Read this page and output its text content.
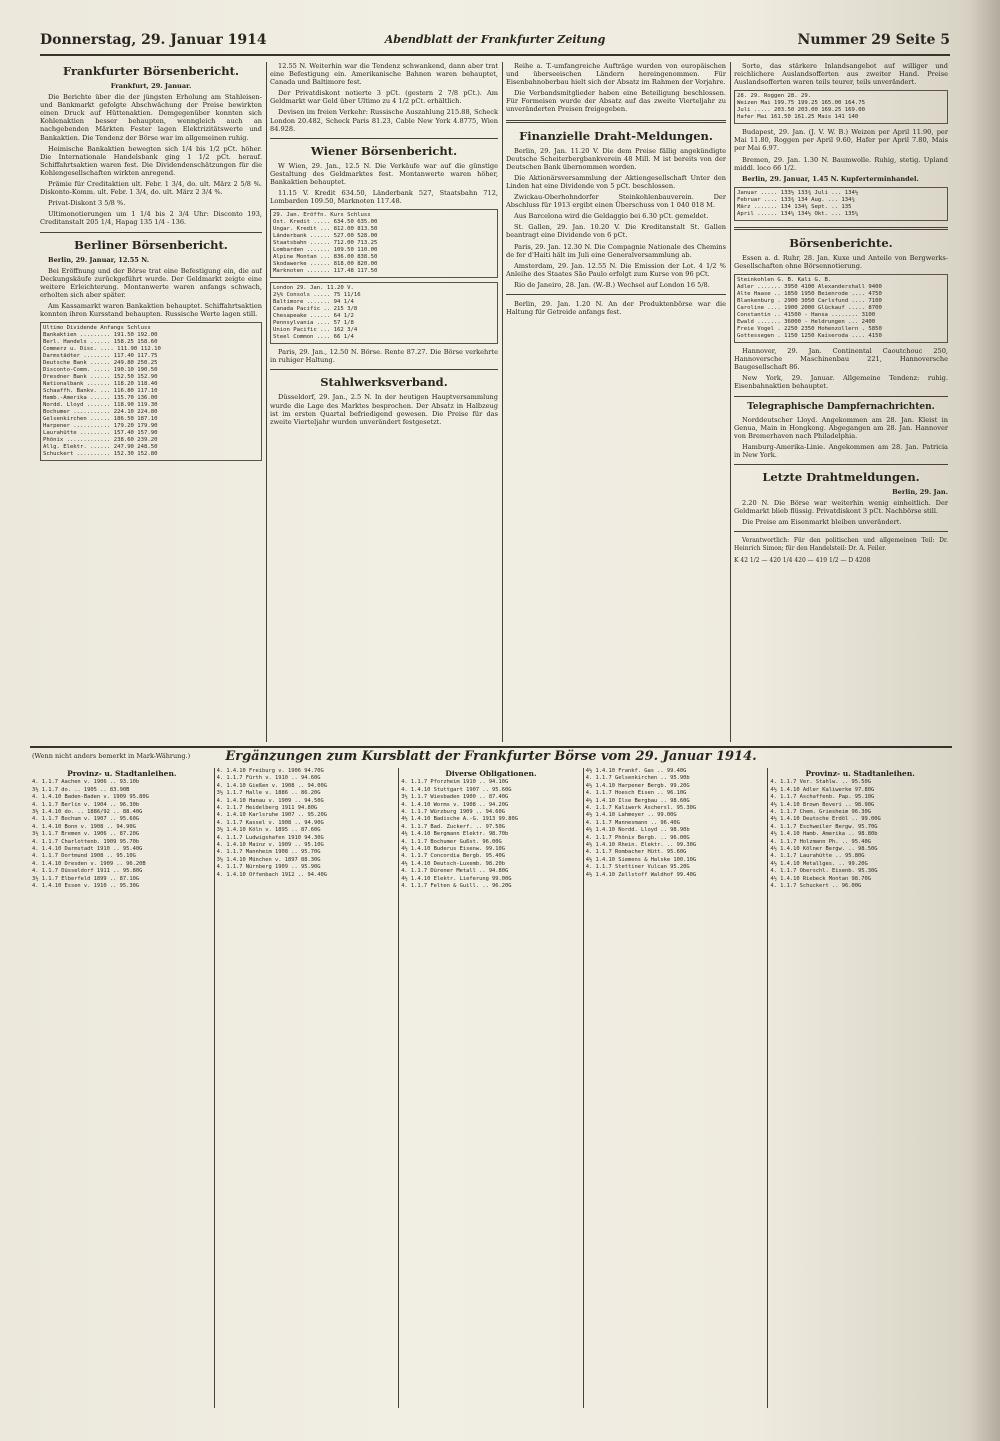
Donnerstag, 29. Januar 1914	Abendblatt der Frankfurter Zeitung	Nummer 29 Seite 5
Frankfurter Börsenbericht.

Frankfurt, 29. Januar.

Die Berichte über die der jüngsten Erholung am Stahleisen- und Bankmarkt gefolgte Abschwächung der Preise bewirkten einen Druck auf Hüttenaktien. Demgegenüber konnten sich Kohlenaktien besser behaupten, wenngleich auch an nachgebenden Märkten Fester lagen Elektrizitätswerte und Bankaktien. Die Tendenz der Börse war im allgemeinen ruhig.

Heimische Bankaktien bewegten sich 1/4 bis 1/2 pCt. höher. Die Internationale Handelsbank ging 1 1/2 pCt. herauf. Schiffahrtsaktien waren fest. Die Dividendenschätzungen für die Kohlengesellschaften wirkten anregend.

Prämie für Creditaktien ult. Febr. 1 3/4, do. ult. März 2 5/8 %. Diskonto-Komm. ult. Febr. 1 3/4, do. ult. März 2 3/4 %.

Privat-Diskont 3 5/8 %.

Ultimonotierungen um 1 1/4 bis 2 3/4 Uhr: Disconto 193, Creditanstalt 205 1/4, Hapag 135 1/4 - 136.

Berliner Börsenbericht.

Berlin, 29. Januar, 12.55 N.

Bei Eröffnung und der Börse trat eine Befestigung ein, die auf Deckungskäufe zurückgeführt wurde. Der Geldmarkt zeigte eine weitere Erleichterung. Montanwerte waren anfangs schwach, erholten sich aber später.

Am Kassamarkt waren Bankaktien behauptet. Schiffahrtsaktien konnten ihren Kursstand behaupten. Russische Werte lagen still.

Ultimo Dividende Anfangs Schluss
Bankaktien ......... 191.50 192.00
Berl. Handels ...... 158.25 158.60
Commerz u. Disc. .... 111.90 112.10
Darmstädter ........ 117.40 117.75
Deutsche Bank ...... 249.80 250.25
Disconto-Comm. ..... 190.10 190.50
Dresdner Bank ...... 152.50 152.90
Nationalbank ....... 118.20 118.40
Schaaffh. Bankv. ... 116.80 117.10
Hamb.-Amerika ...... 135.70 136.00
Nordd. Lloyd ....... 118.90 119.30
Bochumer ........... 224.10 224.80
Gelsenkirchen ...... 186.50 187.10
Harpener ........... 179.20 179.90
Laurahütte ......... 157.40 157.90
Phönix ............. 238.60 239.20
Allg. Elektr. ...... 247.90 248.50
Schuckert .......... 152.30 152.80

12.55 N. Weiterhin war die Tendenz schwankend, dann aber trat eine Befestigung ein. Amerikanische Bahnen waren behauptet, Canada und Baltimore fest.

Der Privatdiskont notierte 3 pCt. (gestern 2 7/8 pCt.). Am Geldmarkt war Geld über Ultimo zu 4 1/2 pCt. erhältlich.

Devisen im freien Verkehr: Russische Auszahlung 215.88, Scheck London 20.482, Scheck Paris 81.23, Cable New York 4.8775, Wien 84.928.

Wiener Börsenbericht.

W Wien, 29. Jan., 12.5 N. Die Verkäufe war auf die günstige Gestaltung des Geldmarktes fest. Montanwerte waren höher, Bankaktien behauptet.

11.15 V. Kredit 634.50, Länderbank 527, Staatsbahn 712, Lombarden 109.50, Marknoten 117.48.

29. Jan. Eröffn. Kurs Schluss
Öst. Kredit ..... 634.50 635.00
Ungar. Kredit ... 812.00 813.50
Länderbank ...... 527.00 528.00
Staatsbahn ...... 712.00 713.25
Lombarden ....... 109.50 110.00
Alpine Montan ... 836.00 838.50
Skodawerke ...... 818.00 820.00
Marknoten ....... 117.48 117.50
London 29. Jan. 11.20 V.
2½% Consols ..... 75 11/16
Baltimore ....... 94 1/4
Canada Pacific .. 215 3/8
Chesapeake ...... 64 1/2
Pennsylvania .... 57 1/8
Union Pacific ... 162 3/4
Steel Common .... 66 1/4

Paris, 29. Jan., 12.50 N. Börse. Rente 87.27. Die Börse verkehrte in ruhiger Haltung.

Stahlwerksverband.

Düsseldorf, 29. Jan., 2.5 N. In der heutigen Hauptversammlung wurde die Lage des Marktes besprochen. Der Absatz in Halbzeug ist im ersten Quartal befriedigend gewesen. Die Preise für das zweite Vierteljahr wurden unverändert festgesetzt.

Reihe a. T.-umfangreiche Aufträge wurden von europäischen und überseeischen Ländern hereingenommen. Für Eisenbahnoberbau hielt sich der Absatz im Rahmen der Vorjahre.

Die Verbandsmitglieder haben eine Beteiligung beschlossen. Für Formeisen wurde der Absatz auf das zweite Vierteljahr zu unveränderten Preisen freigegeben.

Finanzielle Draht-Meldungen.

Berlin, 29. Jan. 11.20 V. Die dem Preise fällig angekündigte Deutsche Scheiterbergbankverein 48 Mill. M ist bereits von der Deutschen Bank übernommen worden.

Die Aktionärsversammlung der Aktiengesellschaft Unter den Linden hat eine Dividende von 5 pCt. beschlossen.

Zwickau-Oberhohndorfer Steinkohlenbauverein. Der Abschluss für 1913 ergibt einen Überschuss von 1 040 018 M.

Aus Barcelona wird die Geldaggio bei 6.30 pCt. gemeldet.

St. Gallen, 29. Jan. 10.20 V. Die Kreditanstalt St. Gallen beantragt eine Dividende von 6 pCt.

Paris, 29. Jan. 12.30 N. Die Compagnie Nationale des Chemins de fer d'Haiti hält im Juli eine Generalversammlung ab.

Amsterdam, 29. Jan. 12.55 N. Die Emission der Lot. 4 1/2 % Anleihe des Staates São Paulo erfolgt zum Kurse von 96 pCt.

Rio de Janeiro, 28. Jan. (W.-B.) Wechsel auf London 16 5/8.

Berlin, 29. Jan. 1.20 N. An der Produktenbörse war die Haltung für Getreide anfangs fest.

Sorte, das stärkere Inlandsangebot auf williger und reichlichere Auslandsofferten aus zweiter Hand. Preise Auslandsofferten waren teils teurer, teils unverändert.

28. 29. Roggen 28. 29.
Weizen Mai 199.75 199.25 165.00 164.75
Juli ..... 203.50 203.00 169.25 169.00
Hafer Mai 161.50 161.25 Mais 141 140

Budapest, 29. Jan. (J. V. W. B.) Weizen per April 11.90, per Mai 11.80, Roggen per April 9.60, Hafer per April 7.80, Mais per Mai 6.97.

Bremen, 29. Jan. 1.30 N. Baumwolle. Ruhig, stetig. Upland middl. loco 66 1/2.

Berlin, 29. Januar, 1.45 N. Kupferterminhandel.

Januar ..... 133½ 133¾ Juli ... 134½
Februar .... 133¾ 134 Aug. ... 134¾
März ....... 134 134¼ Sept. .. 135
April ...... 134¼ 134½ Okt. ... 135¼
Börsenberichte.

Essen a. d. Ruhr, 28. Jan. Kuxe und Anteile von Bergwerks-Gesellschaften ohne Börsennotierung.

Steinkohlen G. B. Kali G. B.
Adler ....... 3950 4100 Alexandershall 9400
Alte Haase .. 1850 1950 Beienrode .... 4750
Blankenburg . 2900 3050 Carlsfund .... 7100
Caroline .... 1900 2000 Glückauf ..... 8700
Constantin .. 41500 - Hansa ........ 3100
Ewald ....... 36000 - Heldrungen ... 2400
Freie Vogel . 2250 2350 Hohenzollern . 5850
Gottessegen . 1150 1250 Kaiseroda .... 4150

Hannover, 29. Jan. Continental Caoutchouc 250, Hannoversche Maschinenbau 221, Hannoversche Baugesellschaft 86.

New York, 29. Januar. Allgemeine Tendenz: ruhig. Eisenbahnaktien behauptet.

Telegraphische Dampfernachrichten.

Norddeutscher Lloyd. Angekommen am 28. Jan. Kleist in Genua, Main in Hongkong. Abgegangen am 28. Jan. Hannover von Bremerhaven nach Philadelphia.

Hamburg-Amerika-Linie. Angekommen am 28. Jan. Patricia in New York.

Letzte Drahtmeldungen.

Berlin, 29. Jan.

2.20 N. Die Börse war weiterhin wenig einheitlich. Der Geldmarkt blieb flüssig. Privatdiskont 3 pCt. Nachbörse still.

Die Preise am Eisenmarkt bleiben unverändert.

Verantwortlich: Für den politischen und allgemeinen Teil: Dr. Heinrich Simon; für den Handelsteil: Dr. A. Feiler.

K 42 1/2 — 420 1/4 420 — 419 1/2 — D 4208

(Wenn nicht anders bemerkt in Mark-Währung.)	Ergänzungen zum Kursblatt der Frankfurter Börse vom 29. Januar 1914.
Provinz- u. Stadtanleihen.
4. 1.1.7 Aachen v. 1906 .. 93.10b
3½ 1.1.7 do. .. 1905 .. 83.90B
4. 1.4.10 Baden-Baden v. 1909 95.80G
4. 1.1.7 Berlin v. 1904 .. 96.30b
3½ 1.4.10 do. .. 1886/92 .. 88.40G
4. 1.1.7 Bochum v. 1907 .. 95.60G
4. 1.4.10 Bonn v. 1908 .. 94.90G
3½ 1.1.7 Bremen v. 1906 .. 87.20G
4. 1.1.7 Charlottenb. 1909 95.70b
4. 1.4.10 Darmstadt 1910 .. 95.40G
4. 1.1.7 Dortmund 1908 .. 95.10G
4. 1.4.10 Dresden v. 1909 .. 96.20B
4. 1.1.7 Düsseldorf 1911 .. 95.80G
3½ 1.1.7 Elberfeld 1899 .. 87.10G
4. 1.4.10 Essen v. 1910 .. 95.30G
4. 1.4.10 Freiburg v. 1906 94.70G
4. 1.1.7 Fürth v. 1910 .. 94.60G
4. 1.4.10 Gießen v. 1908 .. 94.00G
3½ 1.1.7 Halle v. 1886 .. 86.20G
4. 1.4.10 Hanau v. 1909 .. 94.50G
4. 1.1.7 Heidelberg 1911 94.80G
4. 1.4.10 Karlsruhe 1907 .. 95.20G
4. 1.1.7 Kassel v. 1908 .. 94.90G
3½ 1.4.10 Köln v. 1895 .. 87.60G
4. 1.1.7 Ludwigshafen 1910 94.30G
4. 1.4.10 Mainz v. 1909 .. 95.10G
4. 1.1.7 Mannheim 1908 .. 95.70G
3½ 1.4.10 München v. 1897 88.30G
4. 1.1.7 Nürnberg 1909 .. 95.90G
4. 1.4.10 Offenbach 1912 .. 94.40G
Diverse Obligationen.
4. 1.1.7 Pforzheim 1910 .. 94.10G
4. 1.4.10 Stuttgart 1907 .. 95.60G
3½ 1.1.7 Wiesbaden 1900 .. 87.40G
4. 1.4.10 Worms v. 1908 .. 94.20G
4. 1.1.7 Würzburg 1909 .. 94.60G
4½ 1.4.10 Badische A.-G. 1913 99.80G
4. 1.1.7 Bad. Zuckerf. .. 97.50G
4½ 1.4.10 Bergmann Elektr. 98.70b
4. 1.1.7 Bochumer Gußst. 96.00G
4½ 1.4.10 Buderus Eisenw. 99.10G
4. 1.1.7 Concordia Bergb. 95.40G
4½ 1.4.10 Deutsch-Luxemb. 98.20b
4. 1.1.7 Dürener Metall .. 94.80G
4½ 1.4.10 Elektr. Lieferung 99.00G
4. 1.1.7 Felten & Guill. .. 96.20G
4½ 1.4.10 Frankf. Gas .. 99.40G
4. 1.1.7 Gelsenkirchen .. 95.90b
4½ 1.4.10 Harpener Bergb. 99.20G
4. 1.1.7 Hoesch Eisen .. 96.10G
4½ 1.4.10 Ilse Bergbau .. 98.60G
4. 1.1.7 Kaliwerk Aschersl. 95.30G
4½ 1.4.10 Lahmeyer .. 99.00G
4. 1.1.7 Mannesmann .. 96.40G
4½ 1.4.10 Nordd. Lloyd .. 98.90b
4. 1.1.7 Phönix Bergb. .. 96.00G
4½ 1.4.10 Rhein. Elektr. .. 99.30G
4. 1.1.7 Rombacher Hütt. 95.60G
4½ 1.4.10 Siemens & Halske 100.10G
4. 1.1.7 Stettiner Vulcan 95.20G
4½ 1.4.10 Zellstoff Waldhof 99.40G
Provinz- u. Stadtanleihen.
4. 1.1.7 Ver. Stahlw. .. 95.50G
4½ 1.4.10 Adler Kaliwerke 97.80G
4. 1.1.7 Aschaffenb. Pap. 95.10G
4½ 1.4.10 Brown Boveri .. 98.90G
4. 1.1.7 Chem. Griesheim 96.30G
4½ 1.4.10 Deutsche Erdöl .. 99.00G
4. 1.1.7 Eschweiler Bergw. 95.70G
4½ 1.4.10 Hamb. Amerika .. 98.80b
4. 1.1.7 Holzmann Ph. .. 95.40G
4½ 1.4.10 Kölner Bergw. .. 98.50G
4. 1.1.7 Laurahütte .. 95.80G
4½ 1.4.10 Metallges. .. 99.20G
4. 1.1.7 Oberschl. Eisenb. 95.30G
4½ 1.4.10 Riebeck Montan 98.70G
4. 1.1.7 Schuckert .. 96.00G
